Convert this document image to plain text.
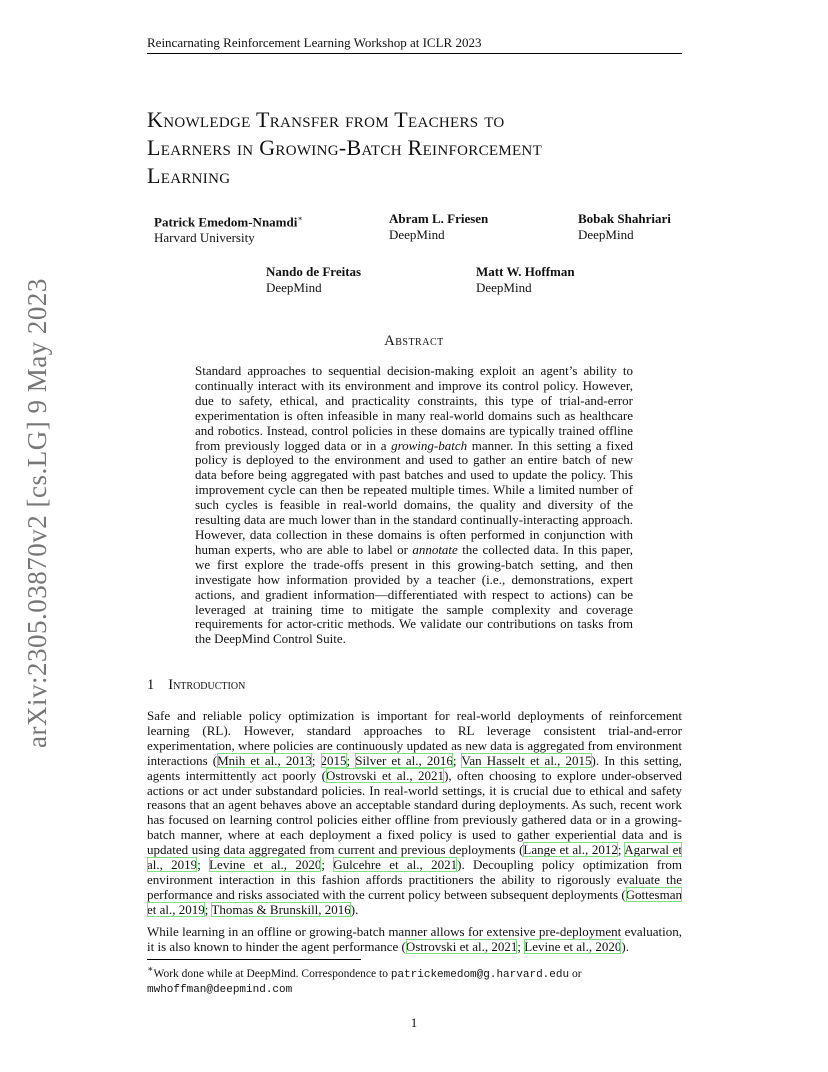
Reincarnating Reinforcement Learning Workshop at ICLR 2023
arXiv:2305.03870v2 [cs.LG] 9 May 2023
Knowledge Transfer from Teachers to
Learners in Growing-Batch Reinforcement
Learning
Patrick Emedom-Nnamdi∗
Harvard University
Abram L. Friesen
DeepMind
Bobak Shahriari
DeepMind
Nando de Freitas
DeepMind
Matt W. Hoffman
DeepMind
Abstract
Standard approaches to sequential decision-making exploit an agent’s ability to continually interact with its environment and improve its control policy. However, due to safety, ethical, and practicality constraints, this type of trial-and-error experimentation is often infeasible in many real-world domains such as healthcare and robotics. Instead, control policies in these domains are typically trained offline from previously logged data or in a growing-batch manner. In this setting a fixed policy is deployed to the environment and used to gather an entire batch of new data before being aggregated with past batches and used to update the policy. This improvement cycle can then be repeated multiple times. While a limited number of such cycles is feasible in real-world domains, the quality and diversity of the resulting data are much lower than in the standard continually-interacting approach. However, data collection in these domains is often performed in conjunction with human experts, who are able to label or annotate the collected data. In this paper, we first explore the trade-offs present in this growing-batch setting, and then investigate how information provided by a teacher (i.e., demonstrations, expert actions, and gradient information—differentiated with respect to actions) can be leveraged at training time to mitigate the sample complexity and coverage requirements for actor-critic methods. We validate our contributions on tasks from the DeepMind Control Suite.
1 Introduction
Safe and reliable policy optimization is important for real-world deployments of reinforcement learning (RL). However, standard approaches to RL leverage consistent trial-and-error experimentation, where policies are continuously updated as new data is aggregated from environment interactions (Mnih et al., 2013; 2015; Silver et al., 2016; Van Hasselt et al., 2015). In this setting, agents intermittently act poorly (Ostrovski et al., 2021), often choosing to explore under-observed actions or act under substandard policies. In real-world settings, it is crucial due to ethical and safety reasons that an agent behaves above an acceptable standard during deployments. As such, recent work has focused on learning control policies either offline from previously gathered data or in a growing-batch manner, where at each deployment a fixed policy is used to gather experiential data and is updated using data aggregated from current and previous deployments (Lange et al., 2012; Agarwal et al., 2019; Levine et al., 2020; Gulcehre et al., 2021). Decoupling policy optimization from environment interaction in this fashion affords practitioners the ability to rigorously evaluate the performance and risks associated with the current policy between subsequent deployments (Gottesman et al., 2019; Thomas & Brunskill, 2016).
While learning in an offline or growing-batch manner allows for extensive pre-deployment evaluation, it is also known to hinder the agent performance (Ostrovski et al., 2021; Levine et al., 2020).
∗Work done while at DeepMind. Correspondence to patrickemedom@g.harvard.edu or
mwhoffman@deepmind.com
1
